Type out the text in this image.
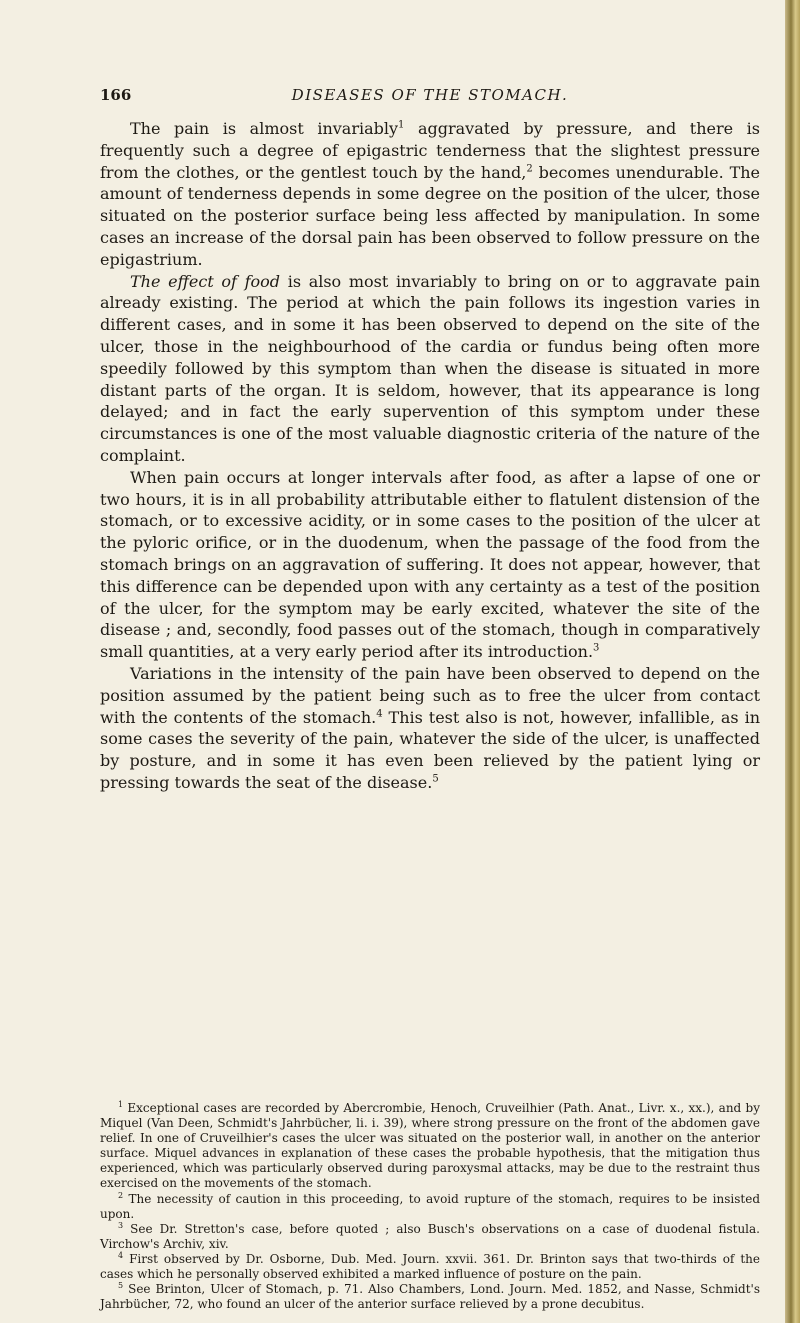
166	DISEASES OF THE STOMACH.

The pain is almost invariably$^1$ aggravated by pressure, and there is frequently such a degree of epigastric tenderness that the slightest pressure from the clothes, or the gentlest touch by the hand,$^2$ becomes unendurable. The amount of tenderness depends in some degree on the position of the ulcer, those situated on the posterior surface being less affected by manipulation. In some cases an increase of the dorsal pain has been observed to follow pressure on the epigastrium.

The effect of food is also most invariably to bring on or to aggravate pain already existing. The period at which the pain follows its ingestion varies in different cases, and in some it has been observed to depend on the site of the ulcer, those in the neighbourhood of the cardia or fundus being often more speedily followed by this symptom than when the disease is situated in more distant parts of the organ. It is seldom, however, that its appearance is long delayed; and in fact the early supervention of this symptom under these circumstances is one of the most valuable diagnostic criteria of the nature of the complaint.

When pain occurs at longer intervals after food, as after a lapse of one or two hours, it is in all probability attributable either to flatulent distension of the stomach, or to excessive acidity, or in some cases to the position of the ulcer at the pyloric orifice, or in the duodenum, when the passage of the food from the stomach brings on an aggravation of suffering. It does not appear, however, that this difference can be depended upon with any certainty as a test of the position of the ulcer, for the symptom may be early excited, whatever the site of the disease ; and, secondly, food passes out of the stomach, though in comparatively small quantities, at a very early period after its introduction.$^3$

Variations in the intensity of the pain have been observed to depend on the position assumed by the patient being such as to free the ulcer from contact with the contents of the stomach.$^4$ This test also is not, however, infallible, as in some cases the severity of the pain, whatever the side of the ulcer, is unaffected by posture, and in some it has even been relieved by the patient lying or pressing towards the seat of the disease.$^5$

$^1$ Exceptional cases are recorded by Abercrombie, Henoch, Cruveilhier (Path. Anat., Livr. x., xx.), and by Miquel (Van Deen, Schmidt's Jahrbücher, li. i. 39), where strong pressure on the front of the abdomen gave relief. In one of Cruveilhier's cases the ulcer was situated on the posterior wall, in another on the anterior surface. Miquel advances in explanation of these cases the probable hypothesis, that the mitigation thus experienced, which was particularly observed during paroxysmal attacks, may be due to the restraint thus exercised on the movements of the stomach.

$^2$ The necessity of caution in this proceeding, to avoid rupture of the stomach, requires to be insisted upon.

$^3$ See Dr. Stretton's case, before quoted ; also Busch's observations on a case of duodenal fistula. Virchow's Archiv, xiv.

$^4$ First observed by Dr. Osborne, Dub. Med. Journ. xxvii. 361. Dr. Brinton says that two-thirds of the cases which he personally observed exhibited a marked influence of posture on the pain.

$^5$ See Brinton, Ulcer of Stomach, p. 71. Also Chambers, Lond. Journ. Med. 1852, and Nasse, Schmidt's Jahrbücher, 72, who found an ulcer of the anterior surface relieved by a prone decubitus.
